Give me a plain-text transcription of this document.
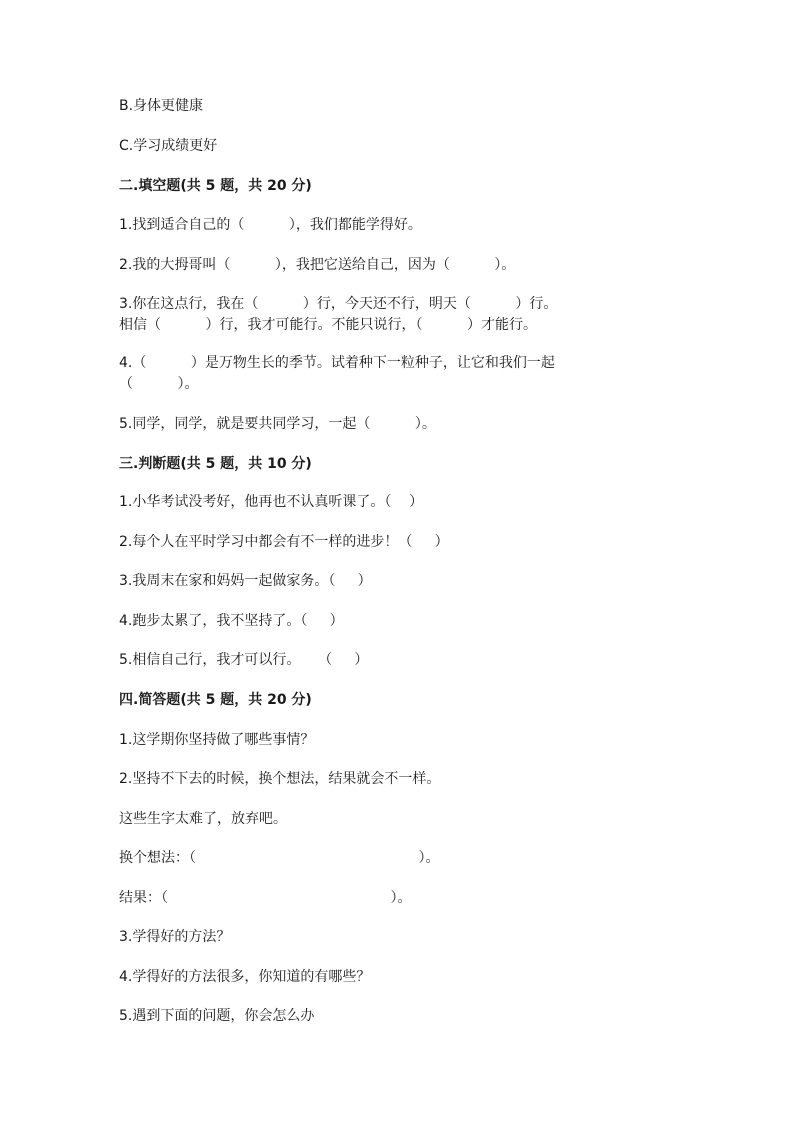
B.身体更健康

C.学习成绩更好

二.填空题(共 5 题，共 20 分)

1.找到适合自己的（          ），我们都能学得好。

2.我的大拇哥叫（          ），我把它送给自己，因为（          ）。

3.你在这点行，我在（          ）行，今天还不行，明天（          ）行。

相信（          ）行，我才可能行。不能只说行，（          ）才能行。

4.（          ）是万物生长的季节。试着种下一粒种子，让它和我们一起

（          ）。

5.同学，同学，就是要共同学习，一起（          ）。

三.判断题(共 5 题，共 10 分)

1.小华考试没考好，他再也不认真听课了。（    ）

2.每个人在平时学习中都会有不一样的进步！（     ）

3.我周末在家和妈妈一起做家务。（     ）

4.跑步太累了，我不坚持了。（     ）

5.相信自己行，我才可以行。    （     ）

四.简答题(共 5 题，共 20 分)

1.这学期你坚持做了哪些事情？

2.坚持不下去的时候，换个想法，结果就会不一样。

这些生字太难了，放弃吧。

换个想法：（                                                  ）。

结果：（                                                  ）。

3.学得好的方法？

4.学得好的方法很多，你知道的有哪些？

5.遇到下面的问题，你会怎么办
